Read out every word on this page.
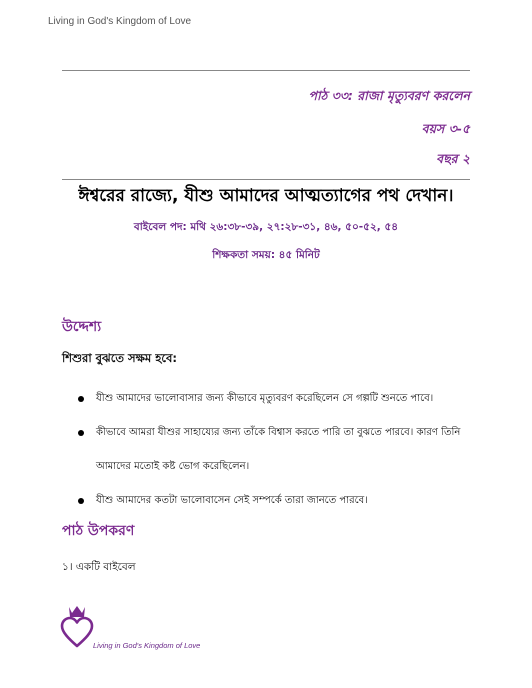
Living in God's Kingdom of Love
পাঠ ৩৩: রাজা মৃত্যুবরণ করলেন
বয়স ৩-৫
বছর ২
ঈশ্বরের রাজ্যে, যীশু আমাদের আত্মত্যাগের পথ দেখান।
বাইবেল পদ: মথি ২৬:৩৮-৩৯, ২৭:২৮-৩১, ৪৬, ৫০-৫২, ৫৪
শিক্ষকতা সময়: ৪৫ মিনিট
উদ্দেশ্য
শিশুরা বুঝতে সক্ষম হবে:
যীশু আমাদের ভালোবাসার জন্য কীভাবে মৃত্যুবরণ করেছিলেন সে গল্পটি শুনতে পাবে।
কীভাবে আমরা যীশুর সাহায্যের জন্য তাঁকে বিশ্বাস করতে পারি তা বুঝতে পারবে। কারণ তিনি আমাদের মতোই কষ্ট ভোগ করেছিলেন।
যীশু আমাদের কতটা ভালোবাসেন সেই সম্পর্কে তারা জানতে পারবে।
পাঠ উপকরণ
১। একটি বাইবেল
Living in God's Kingdom of Love
